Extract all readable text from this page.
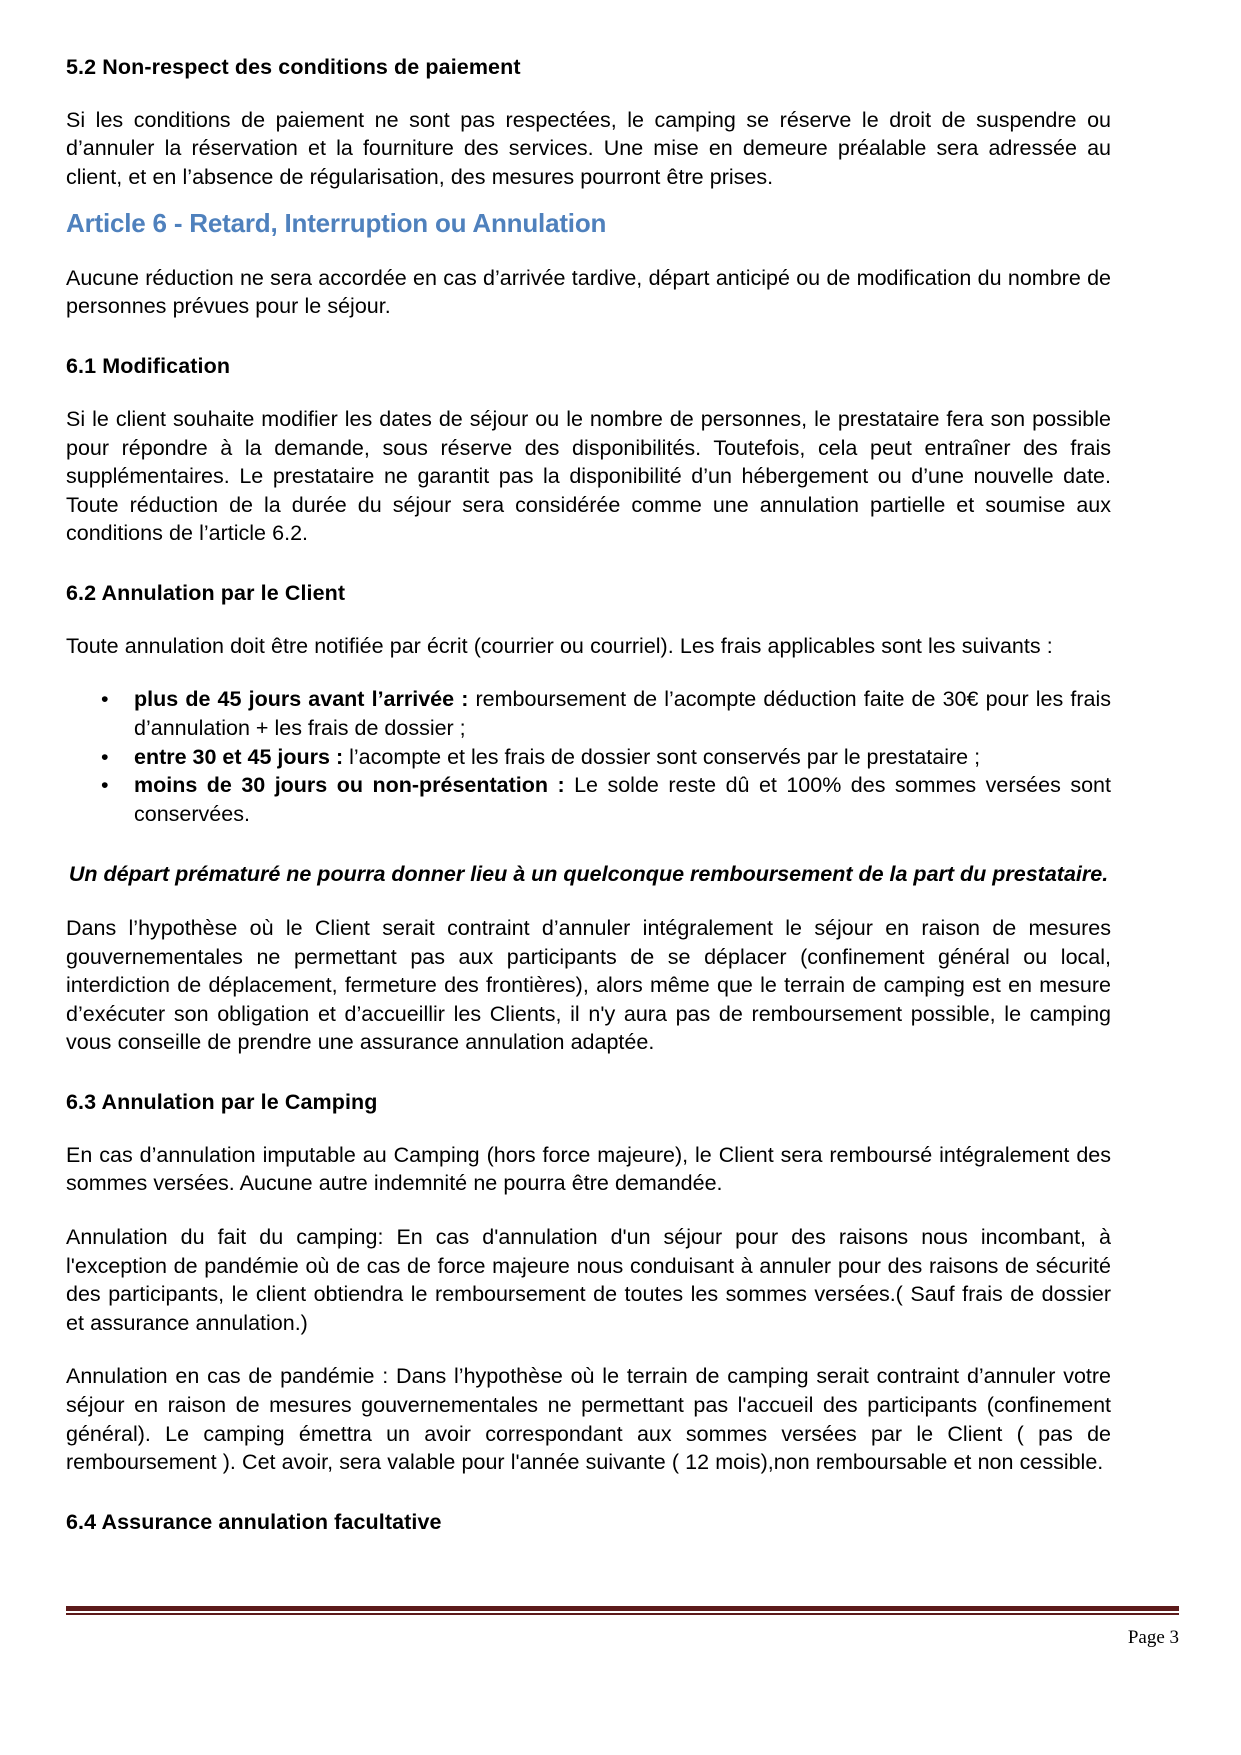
5.2 Non-respect des conditions de paiement

Si les conditions de paiement ne sont pas respectées, le camping se réserve le droit de suspendre ou d’annuler la réservation et la fourniture des services. Une mise en demeure préalable sera adressée au client, et en l’absence de régularisation, des mesures pourront être prises.

Article 6 - Retard, Interruption ou Annulation

Aucune réduction ne sera accordée en cas d’arrivée tardive, départ anticipé ou de modification du nombre de personnes prévues pour le séjour.

6.1 Modification

Si le client souhaite modifier les dates de séjour ou le nombre de personnes, le prestataire fera son possible pour répondre à la demande, sous réserve des disponibilités. Toutefois, cela peut entraîner des frais supplémentaires. Le prestataire ne garantit pas la disponibilité d’un hébergement ou d’une nouvelle date. Toute réduction de la durée du séjour sera considérée comme une annulation partielle et soumise aux conditions de l’article 6.2.

6.2 Annulation par le Client

Toute annulation doit être notifiée par écrit (courrier ou courriel). Les frais applicables sont les suivants :

• plus de 45 jours avant l’arrivée : remboursement de l’acompte déduction faite de 30€ pour les frais d’annulation + les frais de dossier ;
• entre 30 et 45 jours : l’acompte et les frais de dossier sont conservés par le prestataire ;
• moins de 30 jours ou non-présentation : Le solde reste dû et 100% des sommes versées sont conservées.

Un départ prématuré ne pourra donner lieu à un quelconque remboursement de la part du prestataire.

Dans l’hypothèse où le Client serait contraint d’annuler intégralement le séjour en raison de mesures gouvernementales ne permettant pas aux participants de se déplacer (confinement général ou local, interdiction de déplacement, fermeture des frontières), alors même que le terrain de camping est en mesure d’exécuter son obligation et d’accueillir les Clients, il n'y aura pas de remboursement possible, le camping vous conseille de prendre une assurance annulation adaptée.

6.3 Annulation par le Camping

En cas d’annulation imputable au Camping (hors force majeure), le Client sera remboursé intégralement des sommes versées. Aucune autre indemnité ne pourra être demandée.

Annulation du fait du camping: En cas d'annulation d'un séjour pour des raisons nous incombant, à l'exception de pandémie où de cas de force majeure nous conduisant à annuler pour des raisons de sécurité des participants, le client obtiendra le remboursement de toutes les sommes versées.( Sauf frais de dossier et assurance annulation.)

Annulation en cas de pandémie : Dans l’hypothèse où le terrain de camping serait contraint d’annuler votre séjour en raison de mesures gouvernementales ne permettant pas l'accueil des participants (confinement général). Le camping émettra un avoir correspondant aux sommes versées par le Client ( pas de remboursement ). Cet avoir, sera valable pour l'année suivante ( 12 mois),non remboursable et non cessible.

6.4 Assurance annulation facultative
Page 3
